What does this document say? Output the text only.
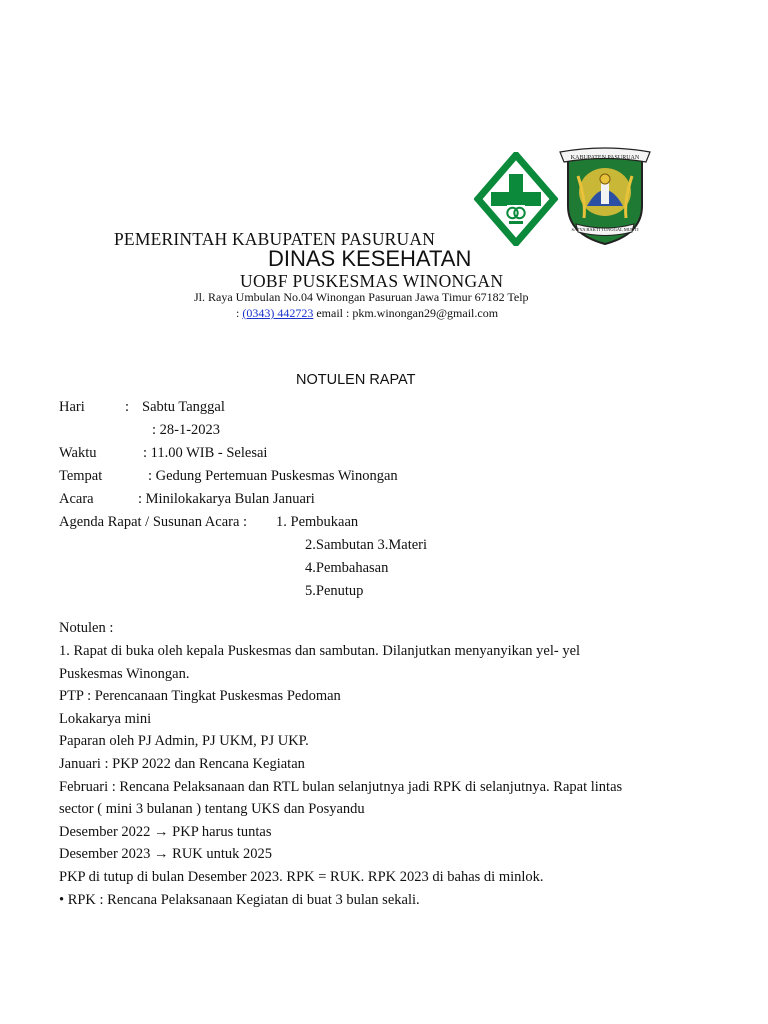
KABUPATEN PASURUAN
SATYA BAKTI TUNGGAL MUKTI
PEMERINTAH KABUPATEN PASURUAN
DINAS KESEHATAN
UOBF PUSKESMAS WINONGAN
Jl. Raya Umbulan No.04 Winongan Pasuruan Jawa Timur 67182 Telp
: (0343) 442723 email : pkm.winongan29@gmail.com
NOTULEN RAPAT
Hari	: Sabtu Tanggal
: 28-1-2023
Waktu	: 11.00 WIB - Selesai
Tempat	: Gedung Pertemuan Puskesmas Winongan
Acara	: Minilokakarya Bulan Januari
Agenda Rapat / Susunan Acara : 1. Pembukaan
2.Sambutan 3.Materi
4.Pembahasan
5.Penutup
Notulen :
1. Rapat di buka oleh kepala Puskesmas dan sambutan. Dilanjutkan menyanyikan yel- yel
Puskesmas Winongan.
PTP : Perencanaan Tingkat Puskesmas Pedoman
Lokakarya mini
Paparan oleh PJ Admin, PJ UKM, PJ UKP.
Januari : PKP 2022 dan Rencana Kegiatan
Februari : Rencana Pelaksanaan dan RTL bulan selanjutnya jadi RPK di selanjutnya. Rapat lintas
sector ( mini 3 bulanan ) tentang UKS dan Posyandu
Desember 2022 → PKP harus tuntas
Desember 2023 → RUK untuk 2025
PKP di tutup di bulan Desember 2023. RPK = RUK. RPK 2023 di bahas di minlok.
• RPK : Rencana Pelaksanaan Kegiatan di buat 3 bulan sekali.
